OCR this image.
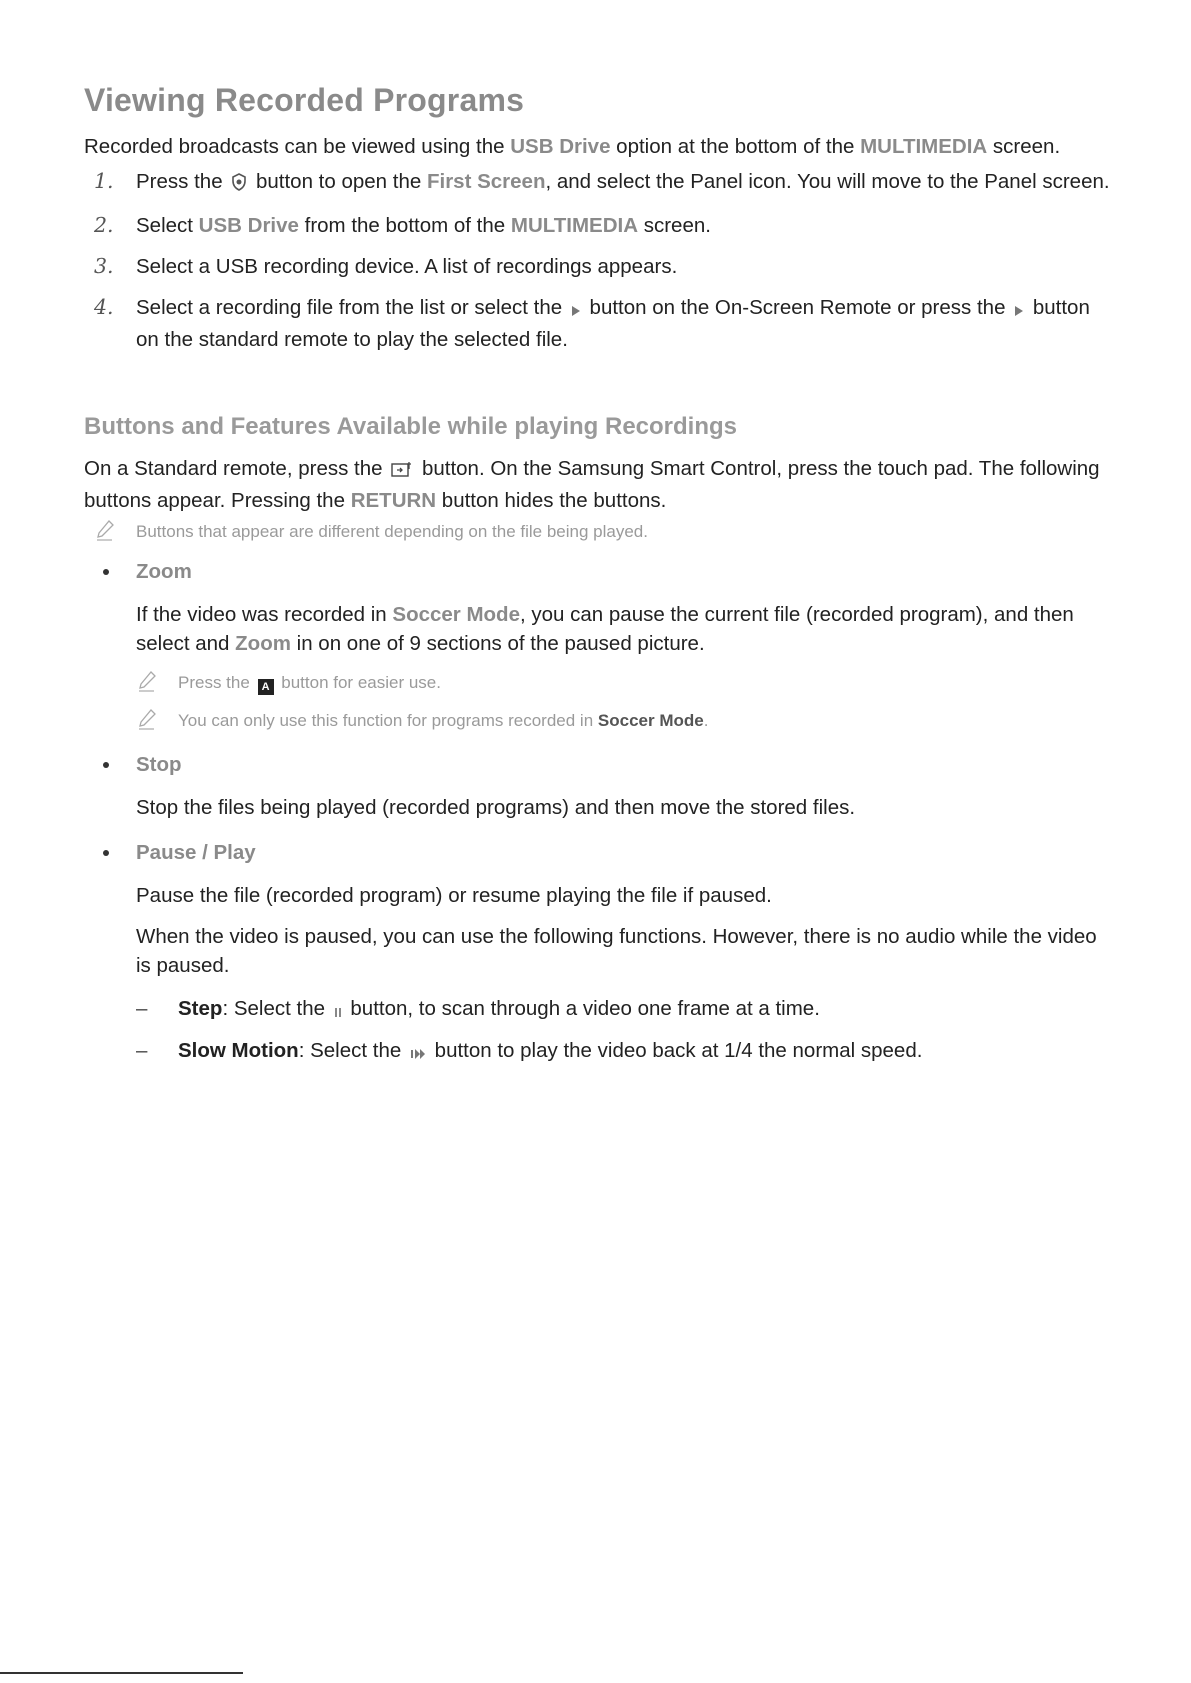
Viewing Recorded Programs

Recorded broadcasts can be viewed using the USB Drive option at the bottom of the MULTIMEDIA screen.

1. Press the  button to open the First Screen, and select the Panel icon. You will move to the Panel screen.
2. Select USB Drive from the bottom of the MULTIMEDIA screen.
3. Select a USB recording device. A list of recordings appears.
4. Select a recording file from the list or select the  button on the On-Screen Remote or press the  button on the standard remote to play the selected file.
Buttons and Features Available while playing Recordings

On a Standard remote, press the  button. On the Samsung Smart Control, press the touch pad. The following buttons appear. Pressing the RETURN button hides the buttons.

Buttons that appear are different depending on the file being played.
Zoom

If the video was recorded in Soccer Mode, you can pause the current file (recorded program), and then select and Zoom in on one of 9 sections of the paused picture.

Press the A button for easier use.
You can only use this function for programs recorded in Soccer Mode.
Stop

Stop the files being played (recorded programs) and then move the stored files.

Pause / Play

Pause the file (recorded program) or resume playing the file if paused.

When the video is paused, you can use the following functions. However, there is no audio while the video is paused.

– Step: Select the  button, to scan through a video one frame at a time.
– Slow Motion: Select the  button to play the video back at 1/4 the normal speed.
